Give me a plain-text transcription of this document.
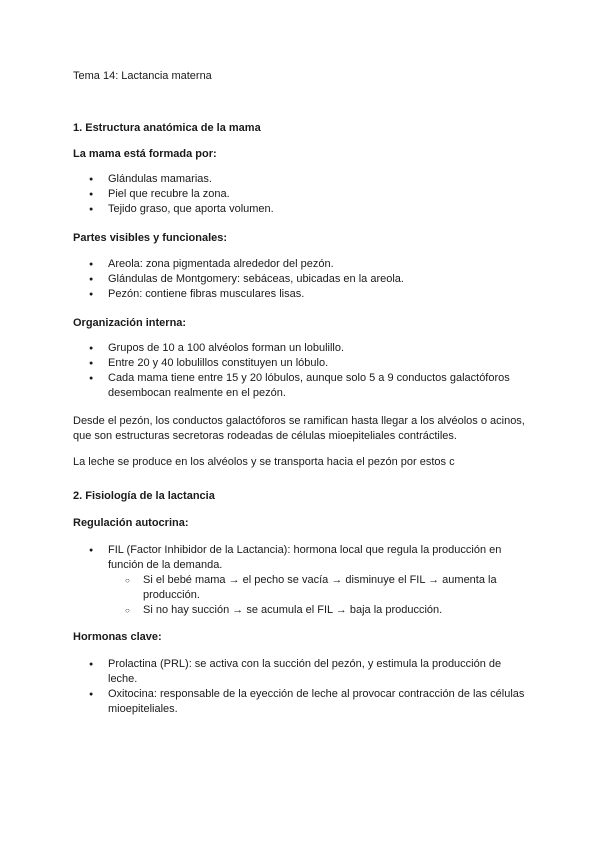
Tema 14: Lactancia materna
1. Estructura anatómica de la mama
La mama está formada por:
● Glándulas mamarias.
● Piel que recubre la zona.
● Tejido graso, que aporta volumen.
Partes visibles y funcionales:
● Areola: zona pigmentada alrededor del pezón.
● Glándulas de Montgomery: sebáceas, ubicadas en la areola.
● Pezón: contiene fibras musculares lisas.
Organización interna:
● Grupos de 10 a 100 alvéolos forman un lobulillo.
● Entre 20 y 40 lobulillos constituyen un lóbulo.
● Cada mama tiene entre 15 y 20 lóbulos, aunque solo 5 a 9 conductos galactóforos desembocan realmente en el pezón.

Desde el pezón, los conductos galactóforos se ramifican hasta llegar a los alvéolos o acinos, que son estructuras secretoras rodeadas de células mioepiteliales contráctiles.

La leche se produce en los alvéolos y se transporta hacia el pezón por estos c

2. Fisiología de la lactancia
Regulación autocrina:
● FIL (Factor Inhibidor de la Lactancia): hormona local que regula la producción en función de la demanda.
○ Si el bebé mama → el pecho se vacía → disminuye el FIL → aumenta la producción.
○ Si no hay succión → se acumula el FIL → baja la producción.
Hormonas clave:
● Prolactina (PRL): se activa con la succión del pezón, y estimula la producción de leche.
● Oxitocina: responsable de la eyección de leche al provocar contracción de las células mioepiteliales.
